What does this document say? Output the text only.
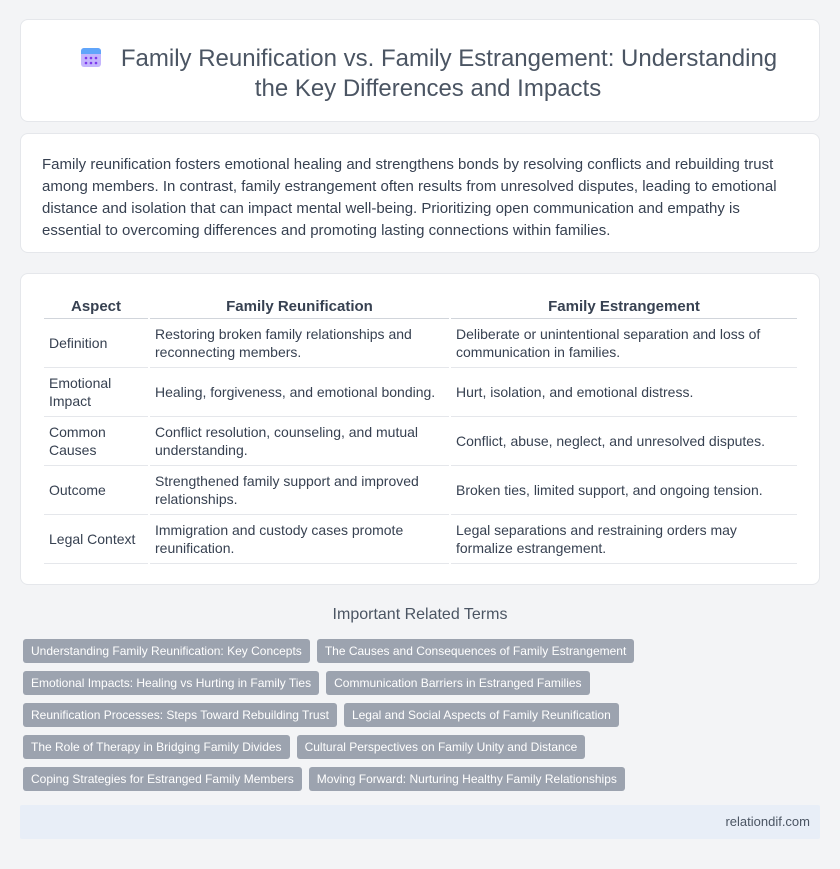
Family Reunification vs. Family Estrangement: Understanding the Key Differences and Impacts

Family reunification fosters emotional healing and strengthens bonds by resolving conflicts and rebuilding trust among members. In contrast, family estrangement often results from unresolved disputes, leading to emotional distance and isolation that can impact mental well-being. Prioritizing open communication and empathy is essential to overcoming differences and promoting lasting connections within families.

Aspect	Family Reunification	Family Estrangement
Definition	Restoring broken family relationships and reconnecting members.	Deliberate or unintentional separation and loss of communication in families.
Emotional Impact	Healing, forgiveness, and emotional bonding.	Hurt, isolation, and emotional distress.
Common Causes	Conflict resolution, counseling, and mutual understanding.	Conflict, abuse, neglect, and unresolved disputes.
Outcome	Strengthened family support and improved relationships.	Broken ties, limited support, and ongoing tension.
Legal Context	Immigration and custody cases promote reunification.	Legal separations and restraining orders may formalize estrangement.
Important Related Terms
Understanding Family Reunification: Key Concepts	The Causes and Consequences of Family Estrangement
Emotional Impacts: Healing vs Hurting in Family Ties	Communication Barriers in Estranged Families
Reunification Processes: Steps Toward Rebuilding Trust	Legal and Social Aspects of Family Reunification
The Role of Therapy in Bridging Family Divides	Cultural Perspectives on Family Unity and Distance
Coping Strategies for Estranged Family Members	Moving Forward: Nurturing Healthy Family Relationships
relationdif.com
